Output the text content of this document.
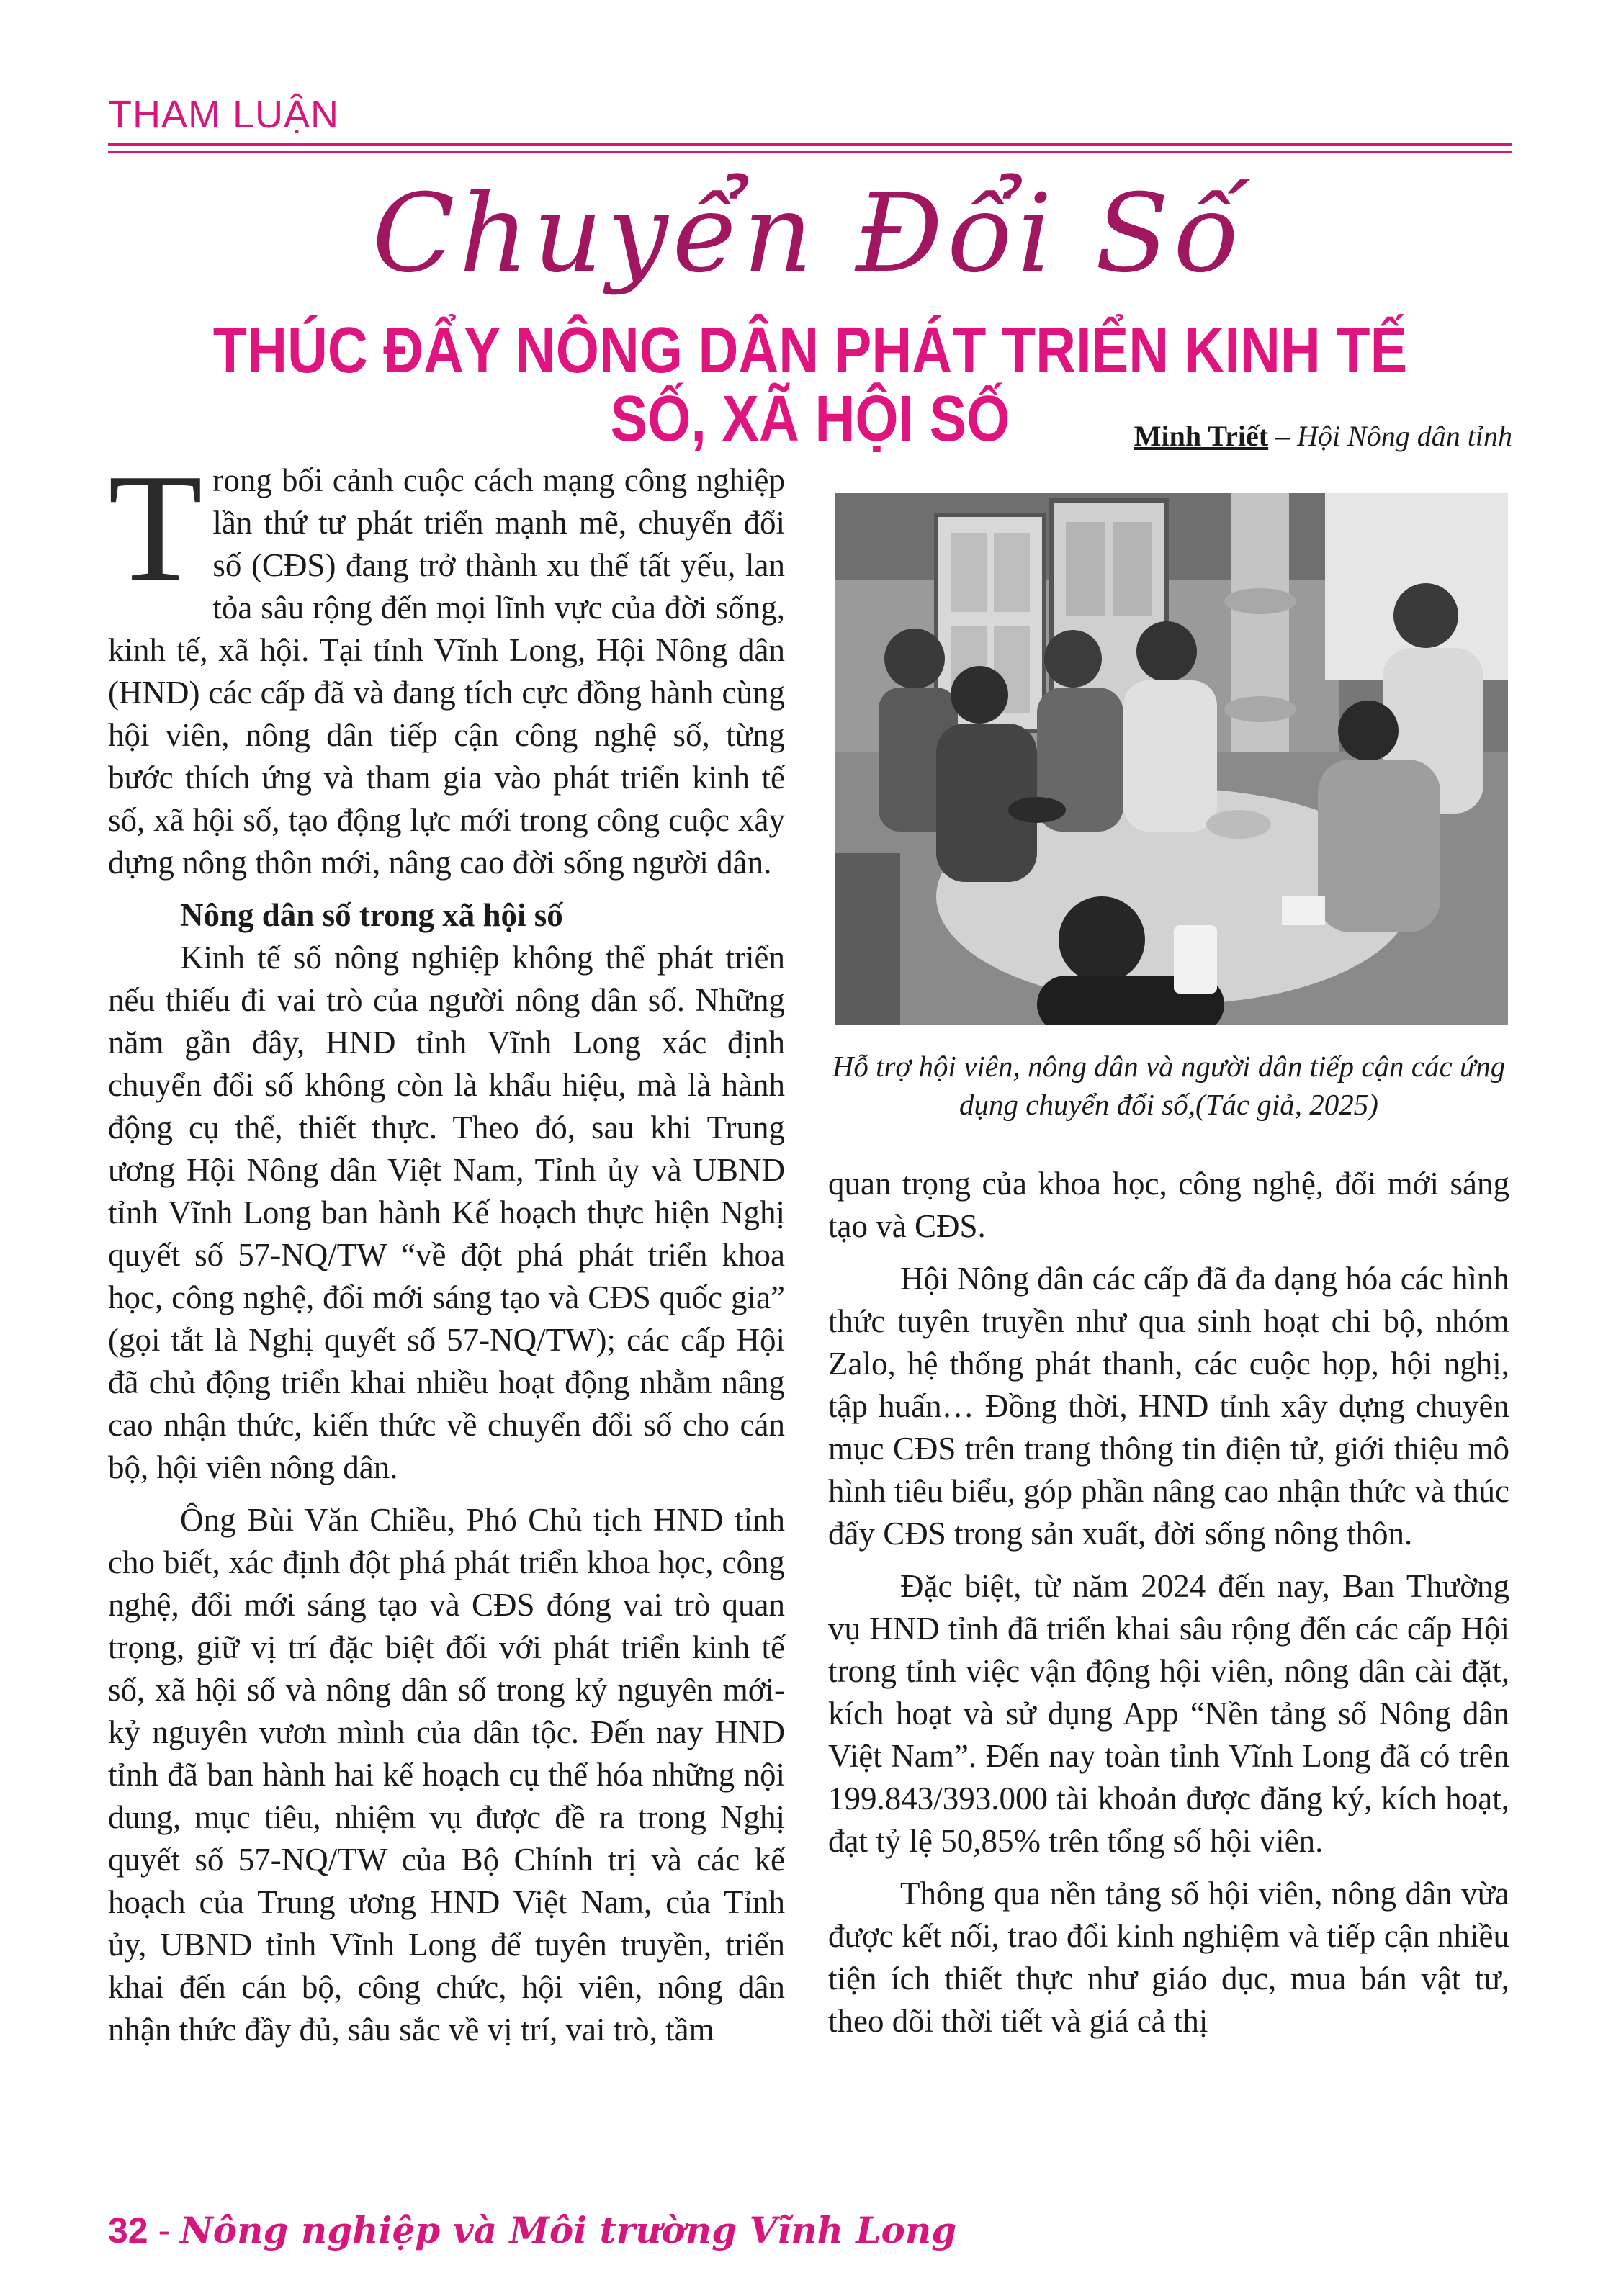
THAM LUẬN
Chuyển Đổi Số
THÚC ĐẨY NÔNG DÂN PHÁT TRIỂN KINH TẾ SỐ, XÃ HỘI SỐ	Minh Triết – Hội Nông dân tỉnh

Trong bối cảnh cuộc cách mạng công nghiệp lần thứ tư phát triển mạnh mẽ, chuyển đổi số (CĐS) đang trở thành xu thế tất yếu, lan tỏa sâu rộng đến mọi lĩnh vực của đời sống, kinh tế, xã hội. Tại tỉnh Vĩnh Long, Hội Nông dân (HND) các cấp đã và đang tích cực đồng hành cùng hội viên, nông dân tiếp cận công nghệ số, từng bước thích ứng và tham gia vào phát triển kinh tế số, xã hội số, tạo động lực mới trong công cuộc xây dựng nông thôn mới, nâng cao đời sống người dân.

Nông dân số trong xã hội số

Kinh tế số nông nghiệp không thể phát triển nếu thiếu đi vai trò của người nông dân số. Những năm gần đây, HND tỉnh Vĩnh Long xác định chuyển đổi số không còn là khẩu hiệu, mà là hành động cụ thể, thiết thực. Theo đó, sau khi Trung ương Hội Nông dân Việt Nam, Tỉnh ủy và UBND tỉnh Vĩnh Long ban hành Kế hoạch thực hiện Nghị quyết số 57-NQ/TW “về đột phá phát triển khoa học, công nghệ, đổi mới sáng tạo và CĐS quốc gia” (gọi tắt là Nghị quyết số 57-NQ/TW); các cấp Hội đã chủ động triển khai nhiều hoạt động nhằm nâng cao nhận thức, kiến thức về chuyển đổi số cho cán bộ, hội viên nông dân.

Ông Bùi Văn Chiều, Phó Chủ tịch HND tỉnh cho biết, xác định đột phá phát triển khoa học, công nghệ, đổi mới sáng tạo và CĐS đóng vai trò quan trọng, giữ vị trí đặc biệt đối với phát triển kinh tế số, xã hội số và nông dân số trong kỷ nguyên mới- kỷ nguyên vươn mình của dân tộc. Đến nay HND tỉnh đã ban hành hai kế hoạch cụ thể hóa những nội dung, mục tiêu, nhiệm vụ được đề ra trong Nghị quyết số 57-NQ/TW của Bộ Chính trị và các kế hoạch của Trung ương HND Việt Nam, của Tỉnh ủy, UBND tỉnh Vĩnh Long để tuyên truyền, triển khai đến cán bộ, công chức, hội viên, nông dân nhận thức đầy đủ, sâu sắc về vị trí, vai trò, tầm

Hỗ trợ hội viên, nông dân và người dân tiếp cận các ứng dụng chuyển đổi số,(Tác giả, 2025)

quan trọng của khoa học, công nghệ, đổi mới sáng tạo và CĐS.

Hội Nông dân các cấp đã đa dạng hóa các hình thức tuyên truyền như qua sinh hoạt chi bộ, nhóm Zalo, hệ thống phát thanh, các cuộc họp, hội nghị, tập huấn… Đồng thời, HND tỉnh xây dựng chuyên mục CĐS trên trang thông tin điện tử, giới thiệu mô hình tiêu biểu, góp phần nâng cao nhận thức và thúc đẩy CĐS trong sản xuất, đời sống nông thôn.

Đặc biệt, từ năm 2024 đến nay, Ban Thường vụ HND tỉnh đã triển khai sâu rộng đến các cấp Hội trong tỉnh việc vận động hội viên, nông dân cài đặt, kích hoạt và sử dụng App “Nền tảng số Nông dân Việt Nam”. Đến nay toàn tỉnh Vĩnh Long đã có trên 199.843/393.000 tài khoản được đăng ký, kích hoạt, đạt tỷ lệ 50,85% trên tổng số hội viên.

Thông qua nền tảng số hội viên, nông dân vừa được kết nối, trao đổi kinh nghiệm và tiếp cận nhiều tiện ích thiết thực như giáo dục, mua bán vật tư, theo dõi thời tiết và giá cả thị

32 - Nông nghiệp và Môi trường Vĩnh Long
